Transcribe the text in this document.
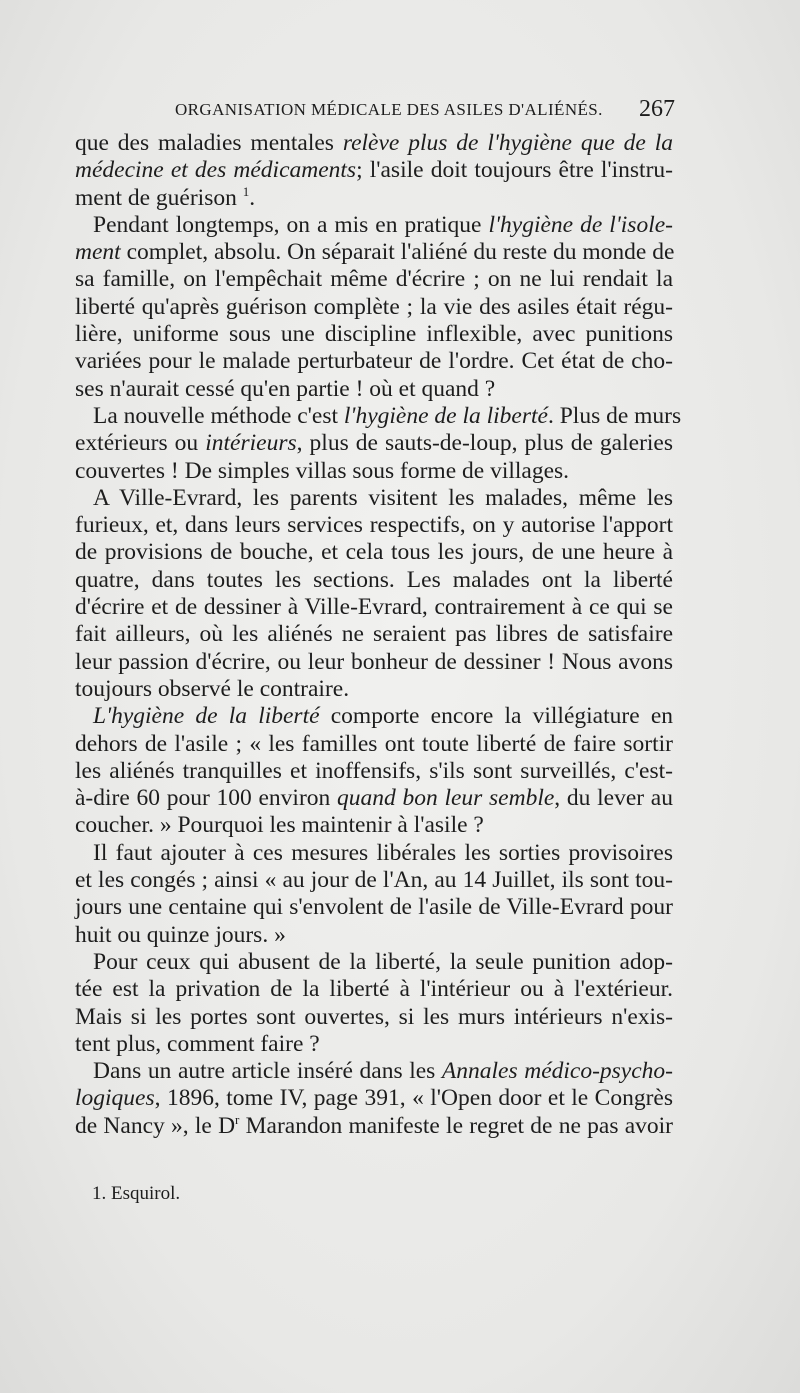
ORGANISATION MÉDICALE DES ASILES D'ALIÉNÉS. 267
que des maladies mentales relève plus de l'hygiène que de la
médecine et des médicaments; l'asile doit toujours être l'instru-
ment de guérison $^1$.
Pendant longtemps, on a mis en pratique l'hygiène de l'isole-
ment complet, absolu. On séparait l'aliéné du reste du monde de
sa famille, on l'empêchait même d'écrire ; on ne lui rendait la
liberté qu'après guérison complète ; la vie des asiles était régu-
lière, uniforme sous une discipline inflexible, avec punitions
variées pour le malade perturbateur de l'ordre. Cet état de cho-
ses n'aurait cessé qu'en partie ! où et quand ?
La nouvelle méthode c'est l'hygiène de la liberté. Plus de murs
extérieurs ou intérieurs, plus de sauts-de-loup, plus de galeries
couvertes ! De simples villas sous forme de villages.
A Ville-Evrard, les parents visitent les malades, même les
furieux, et, dans leurs services respectifs, on y autorise l'apport
de provisions de bouche, et cela tous les jours, de une heure à
quatre, dans toutes les sections. Les malades ont la liberté
d'écrire et de dessiner à Ville-Evrard, contrairement à ce qui se
fait ailleurs, où les aliénés ne seraient pas libres de satisfaire
leur passion d'écrire, ou leur bonheur de dessiner ! Nous avons
toujours observé le contraire.
L'hygiène de la liberté comporte encore la villégiature en
dehors de l'asile ; « les familles ont toute liberté de faire sortir
les aliénés tranquilles et inoffensifs, s'ils sont surveillés, c'est-
à-dire 60 pour 100 environ quand bon leur semble, du lever au
coucher. » Pourquoi les maintenir à l'asile ?
Il faut ajouter à ces mesures libérales les sorties provisoires
et les congés ; ainsi « au jour de l'An, au 14 Juillet, ils sont tou-
jours une centaine qui s'envolent de l'asile de Ville-Evrard pour
huit ou quinze jours. »
Pour ceux qui abusent de la liberté, la seule punition adop-
tée est la privation de la liberté à l'intérieur ou à l'extérieur.
Mais si les portes sont ouvertes, si les murs intérieurs n'exis-
tent plus, comment faire ?
Dans un autre article inséré dans les Annales médico-psycho-
logiques, 1896, tome IV, page 391, « l'Open door et le Congrès
de Nancy », le $D^r$ Marandon manifeste le regret de ne pas avoir
1. Esquirol.
